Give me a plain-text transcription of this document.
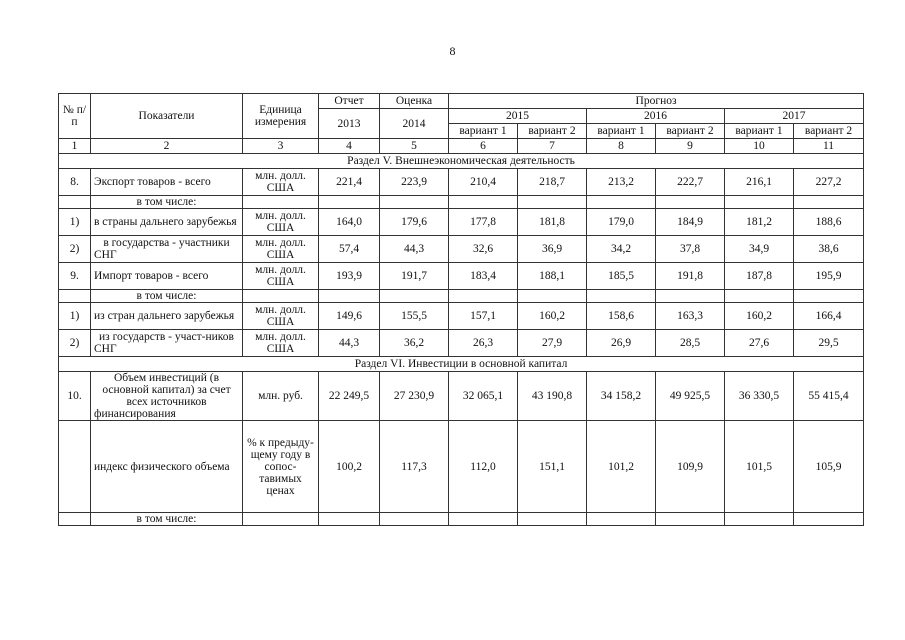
8
№ п/п	Показатели	Единица измерения	Отчет	Оценка	Прогноз					
			2013	2014	2015		2016		2017	
					вариант 1	вариант 2	вариант 1	вариант 2	вариант 1	вариант 2
1	2	3	4	5	6	7	8	9	10	11
Раздел V. Внешнеэкономическая деятельность										
8.	Экспорт товаров - всего	млн. долл. США	221,4	223,9	210,4	218,7	213,2	222,7	216,1	227,2
	в том числе:									
1)	в страны дальнего зарубежья	млн. долл. США	164,0	179,6	177,8	181,8	179,0	184,9	181,2	188,6
2)	в государства - участники СНГ	млн. долл. США	57,4	44,3	32,6	36,9	34,2	37,8	34,9	38,6
9.	Импорт товаров - всего	млн. долл. США	193,9	191,7	183,4	188,1	185,5	191,8	187,8	195,9
	в том числе:									
1)	из стран дальнего зарубежья	млн. долл. США	149,6	155,5	157,1	160,2	158,6	163,3	160,2	166,4
2)	из государств - участ-ников СНГ	млн. долл. США	44,3	36,2	26,3	27,9	26,9	28,5	27,6	29,5
Раздел VI. Инвестиции в основной капитал										
10.	Объем инвестиций (в основной капитал) за счет всех источников финансирования	млн. руб.	22 249,5	27 230,9	32 065,1	43 190,8	34 158,2	49 925,5	36 330,5	55 415,4
	индекс физического объема	% к предыду-щему году в сопос-тавимых ценах	100,2	117,3	112,0	151,1	101,2	109,9	101,5	105,9
	в том числе:									
